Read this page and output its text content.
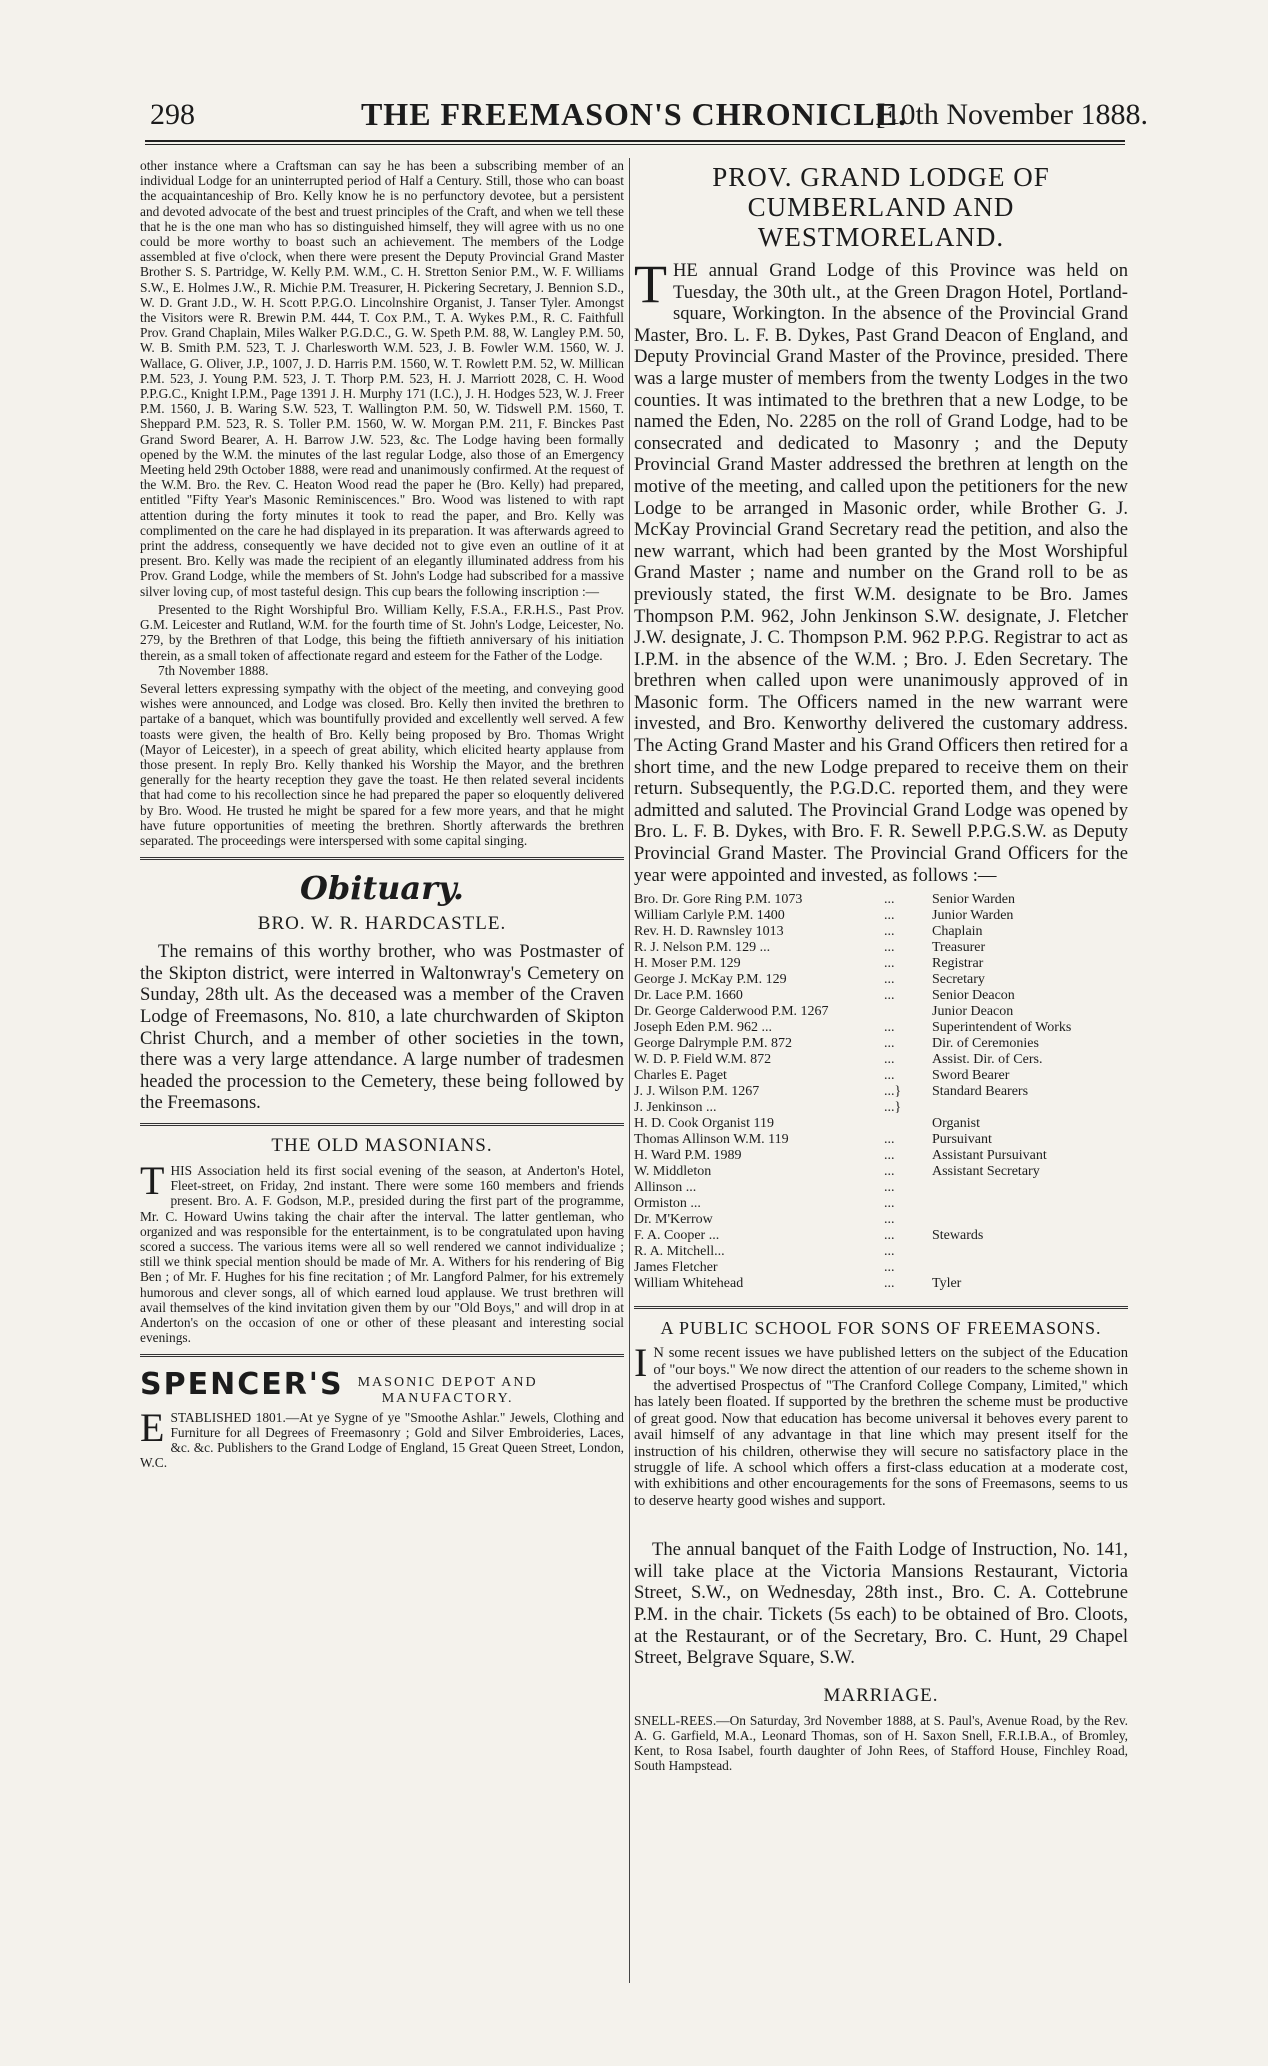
298	THE FREEMASON'S CHRONICLE.
[10th November 1888.

other instance where a Craftsman can say he has been a subscribing member of an individual Lodge for an uninterrupted period of Half a Century. Still, those who can boast the acquaintanceship of Bro. Kelly know he is no perfunctory devotee, but a persistent and devoted advocate of the best and truest principles of the Craft, and when we tell these that he is the one man who has so distinguished himself, they will agree with us no one could be more worthy to boast such an achievement. The members of the Lodge assembled at five o'clock, when there were present the Deputy Provincial Grand Master Brother S. S. Partridge, W. Kelly P.M. W.M., C. H. Stretton Senior P.M., W. F. Williams S.W., E. Holmes J.W., R. Michie P.M. Treasurer, H. Pickering Secretary, J. Bennion S.D., W. D. Grant J.D., W. H. Scott P.P.G.O. Lincolnshire Organist, J. Tanser Tyler. Amongst the Visitors were R. Brewin P.M. 444, T. Cox P.M., T. A. Wykes P.M., R. C. Faithfull Prov. Grand Chaplain, Miles Walker P.G.D.C., G. W. Speth P.M. 88, W. Langley P.M. 50, W. B. Smith P.M. 523, T. J. Charlesworth W.M. 523, J. B. Fowler W.M. 1560, W. J. Wallace, G. Oliver, J.P., 1007, J. D. Harris P.M. 1560, W. T. Rowlett P.M. 52, W. Millican P.M. 523, J. Young P.M. 523, J. T. Thorp P.M. 523, H. J. Marriott 2028, C. H. Wood P.P.G.C., Knight I.P.M., Page 1391 J. H. Murphy 171 (I.C.), J. H. Hodges 523, W. J. Freer P.M. 1560, J. B. Waring S.W. 523, T. Wallington P.M. 50, W. Tidswell P.M. 1560, T. Sheppard P.M. 523, R. S. Toller P.M. 1560, W. W. Morgan P.M. 211, F. Binckes Past Grand Sword Bearer, A. H. Barrow J.W. 523, &c. The Lodge having been formally opened by the W.M. the minutes of the last regular Lodge, also those of an Emergency Meeting held 29th October 1888, were read and unanimously confirmed. At the request of the W.M. Bro. the Rev. C. Heaton Wood read the paper he (Bro. Kelly) had prepared, entitled "Fifty Year's Masonic Reminiscences." Bro. Wood was listened to with rapt attention during the forty minutes it took to read the paper, and Bro. Kelly was complimented on the care he had displayed in its preparation. It was afterwards agreed to print the address, consequently we have decided not to give even an outline of it at present. Bro. Kelly was made the recipient of an elegantly illuminated address from his Prov. Grand Lodge, while the members of St. John's Lodge had subscribed for a massive silver loving cup, of most tasteful design. This cup bears the following inscription :—

Presented to the Right Worshipful Bro. William Kelly, F.S.A., F.R.H.S., Past Prov. G.M. Leicester and Rutland, W.M. for the fourth time of St. John's Lodge, Leicester, No. 279, by the Brethren of that Lodge, this being the fiftieth anniversary of his initiation therein, as a small token of affectionate regard and esteem for the Father of the Lodge.

7th November 1888.

Several letters expressing sympathy with the object of the meeting, and conveying good wishes were announced, and Lodge was closed. Bro. Kelly then invited the brethren to partake of a banquet, which was bountifully provided and excellently well served. A few toasts were given, the health of Bro. Kelly being proposed by Bro. Thomas Wright (Mayor of Leicester), in a speech of great ability, which elicited hearty applause from those present. In reply Bro. Kelly thanked his Worship the Mayor, and the brethren generally for the hearty reception they gave the toast. He then related several incidents that had come to his recollection since he had prepared the paper so eloquently delivered by Bro. Wood. He trusted he might be spared for a few more years, and that he might have future opportunities of meeting the brethren. Shortly afterwards the brethren separated. The proceedings were interspersed with some capital singing.

Obituary.
BRO. W. R. HARDCASTLE.

The remains of this worthy brother, who was Postmaster of the Skipton district, were interred in Waltonwray's Cemetery on Sunday, 28th ult. As the deceased was a member of the Craven Lodge of Freemasons, No. 810, a late churchwarden of Skipton Christ Church, and a member of other societies in the town, there was a very large attendance. A large number of tradesmen headed the procession to the Cemetery, these being followed by the Freemasons.

THE OLD MASONIANS.

THIS Association held its first social evening of the season, at Anderton's Hotel, Fleet-street, on Friday, 2nd instant. There were some 160 members and friends present. Bro. A. F. Godson, M.P., presided during the first part of the programme, Mr. C. Howard Uwins taking the chair after the interval. The latter gentleman, who organized and was responsible for the entertainment, is to be congratulated upon having scored a success. The various items were all so well rendered we cannot individualize ; still we think special mention should be made of Mr. A. Withers for his rendering of Big Ben ; of Mr. F. Hughes for his fine recitation ; of Mr. Langford Palmer, for his extremely humorous and clever songs, all of which earned loud applause. We trust brethren will avail themselves of the kind invitation given them by our "Old Boys," and will drop in at Anderton's on the occasion of one or other of these pleasant and interesting social evenings.

SPENCER'S MASONIC DEPOT AND
MANUFACTORY.

ESTABLISHED 1801.—At ye Sygne of ye "Smoothe Ashlar." Jewels, Clothing and Furniture for all Degrees of Freemasonry ; Gold and Silver Embroideries, Laces, &c. &c. Publishers to the Grand Lodge of England, 15 Great Queen Street, London, W.C.

PROV. GRAND LODGE OF CUMBERLAND AND WESTMORELAND.

THE annual Grand Lodge of this Province was held on Tuesday, the 30th ult., at the Green Dragon Hotel, Portland-square, Workington. In the absence of the Provincial Grand Master, Bro. L. F. B. Dykes, Past Grand Deacon of England, and Deputy Provincial Grand Master of the Province, presided. There was a large muster of members from the twenty Lodges in the two counties. It was intimated to the brethren that a new Lodge, to be named the Eden, No. 2285 on the roll of Grand Lodge, had to be consecrated and dedicated to Masonry ; and the Deputy Provincial Grand Master addressed the brethren at length on the motive of the meeting, and called upon the petitioners for the new Lodge to be arranged in Masonic order, while Brother G. J. McKay Provincial Grand Secretary read the petition, and also the new warrant, which had been granted by the Most Worshipful Grand Master ; name and number on the Grand roll to be as previously stated, the first W.M. designate to be Bro. James Thompson P.M. 962, John Jenkinson S.W. designate, J. Fletcher J.W. designate, J. C. Thompson P.M. 962 P.P.G. Registrar to act as I.P.M. in the absence of the W.M. ; Bro. J. Eden Secretary. The brethren when called upon were unanimously approved of in Masonic form. The Officers named in the new warrant were invested, and Bro. Kenworthy delivered the customary address. The Acting Grand Master and his Grand Officers then retired for a short time, and the new Lodge prepared to receive them on their return. Subsequently, the P.G.D.C. reported them, and they were admitted and saluted. The Provincial Grand Lodge was opened by Bro. L. F. B. Dykes, with Bro. F. R. Sewell P.P.G.S.W. as Deputy Provincial Grand Master. The Provincial Grand Officers for the year were appointed and invested, as follows :—

Bro. Dr. Gore Ring P.M. 1073	...	Senior Warden
William Carlyle P.M. 1400	...	Junior Warden
Rev. H. D. Rawnsley 1013	...	Chaplain
R. J. Nelson P.M. 129 ...	...	Treasurer
H. Moser P.M. 129	...	Registrar
George J. McKay P.M. 129	...	Secretary
Dr. Lace P.M. 1660	...	Senior Deacon
Dr. George Calderwood P.M. 1267		Junior Deacon
Joseph Eden P.M. 962 ...	...	Superintendent of Works
George Dalrymple P.M. 872	...	Dir. of Ceremonies
W. D. P. Field W.M. 872	...	Assist. Dir. of Cers.
Charles E. Paget	...	Sword Bearer
J. J. Wilson P.M. 1267	...}	Standard Bearers
J. Jenkinson ...	...}	
H. D. Cook Organist 119		Organist
Thomas Allinson W.M. 119	...	Pursuivant
H. Ward P.M. 1989	...	Assistant Pursuivant
W. Middleton	...	Assistant Secretary
Allinson ...	...	
Ormiston ...	...	
Dr. M'Kerrow	...	
F. A. Cooper ...	...	Stewards
R. A. Mitchell...	...	
James Fletcher	...	
William Whitehead	...	Tyler
A PUBLIC SCHOOL FOR SONS OF FREEMASONS.

I N some recent issues we have published letters on the subject of the Education of "our boys." We now direct the attention of our readers to the scheme shown in the advertised Prospectus of "The Cranford College Company, Limited," which has lately been floated. If supported by the brethren the scheme must be productive of great good. Now that education has become universal it behoves every parent to avail himself of any advantage in that line which may present itself for the instruction of his children, otherwise they will secure no satisfactory place in the struggle of life. A school which offers a first-class education at a moderate cost, with exhibitions and other encouragements for the sons of Freemasons, seems to us to deserve hearty good wishes and support.

The annual banquet of the Faith Lodge of Instruction, No. 141, will take place at the Victoria Mansions Restaurant, Victoria Street, S.W., on Wednesday, 28th inst., Bro. C. A. Cottebrune P.M. in the chair. Tickets (5s each) to be obtained of Bro. Cloots, at the Restaurant, or of the Secretary, Bro. C. Hunt, 29 Chapel Street, Belgrave Square, S.W.

MARRIAGE.

SNELL-REES.—On Saturday, 3rd November 1888, at S. Paul's, Avenue Road, by the Rev. A. G. Garfield, M.A., Leonard Thomas, son of H. Saxon Snell, F.R.I.B.A., of Bromley, Kent, to Rosa Isabel, fourth daughter of John Rees, of Stafford House, Finchley Road, South Hampstead.
